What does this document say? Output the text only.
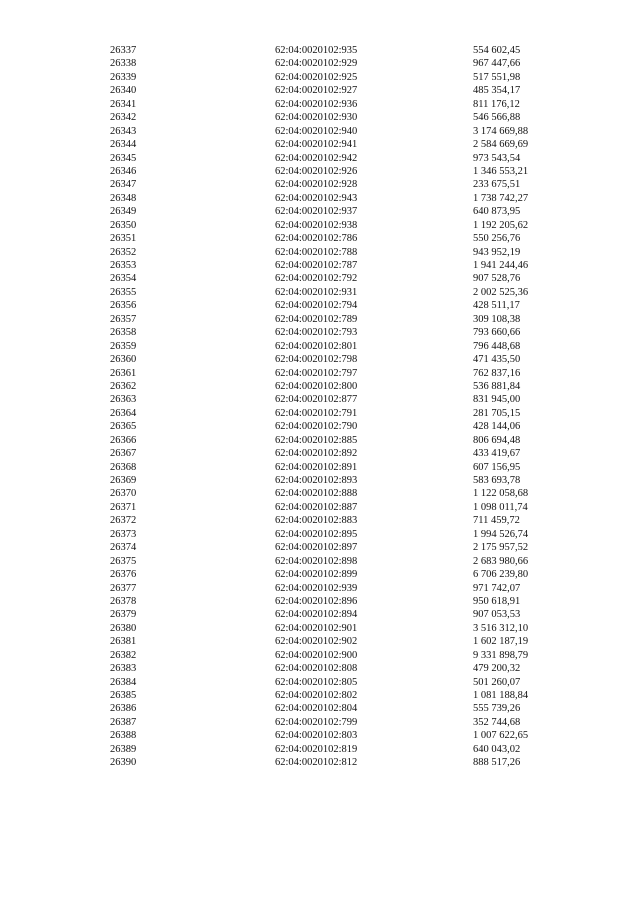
26337	62:04:0020102:935	554 602,45
26338	62:04:0020102:929	967 447,66
26339	62:04:0020102:925	517 551,98
26340	62:04:0020102:927	485 354,17
26341	62:04:0020102:936	811 176,12
26342	62:04:0020102:930	546 566,88
26343	62:04:0020102:940	3 174 669,88
26344	62:04:0020102:941	2 584 669,69
26345	62:04:0020102:942	973 543,54
26346	62:04:0020102:926	1 346 553,21
26347	62:04:0020102:928	233 675,51
26348	62:04:0020102:943	1 738 742,27
26349	62:04:0020102:937	640 873,95
26350	62:04:0020102:938	1 192 205,62
26351	62:04:0020102:786	550 256,76
26352	62:04:0020102:788	943 952,19
26353	62:04:0020102:787	1 941 244,46
26354	62:04:0020102:792	907 528,76
26355	62:04:0020102:931	2 002 525,36
26356	62:04:0020102:794	428 511,17
26357	62:04:0020102:789	309 108,38
26358	62:04:0020102:793	793 660,66
26359	62:04:0020102:801	796 448,68
26360	62:04:0020102:798	471 435,50
26361	62:04:0020102:797	762 837,16
26362	62:04:0020102:800	536 881,84
26363	62:04:0020102:877	831 945,00
26364	62:04:0020102:791	281 705,15
26365	62:04:0020102:790	428 144,06
26366	62:04:0020102:885	806 694,48
26367	62:04:0020102:892	433 419,67
26368	62:04:0020102:891	607 156,95
26369	62:04:0020102:893	583 693,78
26370	62:04:0020102:888	1 122 058,68
26371	62:04:0020102:887	1 098 011,74
26372	62:04:0020102:883	711 459,72
26373	62:04:0020102:895	1 994 526,74
26374	62:04:0020102:897	2 175 957,52
26375	62:04:0020102:898	2 683 980,66
26376	62:04:0020102:899	6 706 239,80
26377	62:04:0020102:939	971 742,07
26378	62:04:0020102:896	950 618,91
26379	62:04:0020102:894	907 053,53
26380	62:04:0020102:901	3 516 312,10
26381	62:04:0020102:902	1 602 187,19
26382	62:04:0020102:900	9 331 898,79
26383	62:04:0020102:808	479 200,32
26384	62:04:0020102:805	501 260,07
26385	62:04:0020102:802	1 081 188,84
26386	62:04:0020102:804	555 739,26
26387	62:04:0020102:799	352 744,68
26388	62:04:0020102:803	1 007 622,65
26389	62:04:0020102:819	640 043,02
26390	62:04:0020102:812	888 517,26
